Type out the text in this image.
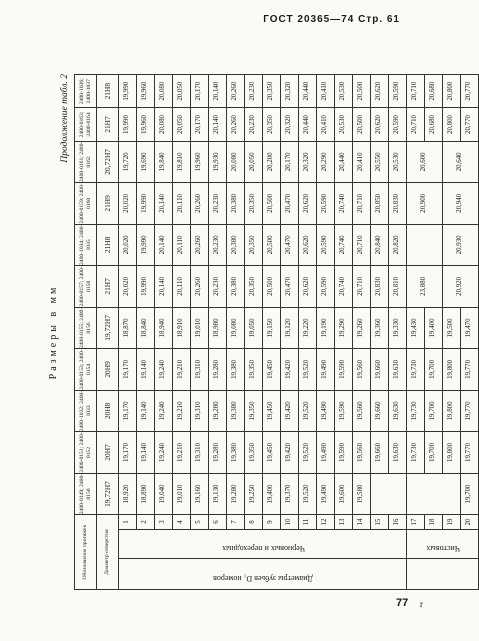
ГОСТ 20365—74 Стр. 61
Размеры в мм
Продолжение табл. 2
Обозначение протяжек		2400-0149; 2400-0150	2400-0151; 2400-0152	2400-1032; 2400-1033	2400-0153; 2400-0154	2400-0155; 2400-0156	2400-0157; 2400-0158	2400-1034; 2400-1035	2400-0159; 2400-0160	2400-0161; 2400-0162	2400-0163; 2400-0164	2400-1036; 2400-1037
Диаметр отверстия		19,72H7	20H7	20H8	20H9	19,72H7	21H7	21H8	21H9	20,72H7	21H7	21H8

Диаметры зубьев D₁ номеров
Черновых и переходных	1	18,920	19,170	19,170	19,170	18,870	20,020	20,020	20,020	19,720	19,990	19,990
	2	18,890	19,140	19,140	19,140	18,840	19,990	19,990	19,990	19,690	19,960	19,960
	3	19,040	19,240	19,240	19,240	18,940	20,140	20,140	20,140	19,840	20,080	20,080
	4	19,010	19,210	19,210	19,210	18,910	20,110	20,110	20,110	19,810	20,050	20,050
	5	19,160	19,310	19,310	19,310	19,010	20,260	20,260	20,260	19,960	20,170	20,170
	6	19,130	19,280	19,280	19,280	18,980	20,230	20,230	20,230	19,930	20,140	20,140
	7	19,280	19,380	19,380	19,380	19,080	20,380	20,380	20,380	20,080	20,260	20,260
	8	19,250	19,350	19,350	19,350	19,050	20,350	20,350	20,350	20,050	20,230	20,230
	9	19,400	19,450	19,450	19,450	19,150	20,500	20,500	20,500	20,200	20,350	20,350
	10	19,370	19,420	19,420	19,420	19,120	20,470	20,470	20,470	20,170	20,320	20,320
	11	19,520	19,520	19,520	19,520	19,220	20,620	20,620	20,620	20,320	20,440	20,440
	12	19,490	19,490	19,490	19,490	19,190	20,590	20,590	20,590	20,290	20,410	20,410
	13	19,600	19,590	19,590	19,590	19,290	20,740	20,740	20,740	20,440	20,530	20,530
	14	19,580	19,560	19,560	19,560	19,260	20,710	20,710	20,710	20,410	20,500	20,500
	15		19,660	19,660	19,660	19,360	20,830	20,840	20,850	20,550	20,620	20,620
	16		19,630	19,630	19,630	19,330	20,810	20,820	20,830	20,530	20,590	20,590

Чистовых	17		19,730	19,730	19,730	19,430	23,880		20,900	20,600	20,710	20,710
	18		19,700	19,700	19,700	19,400					20,680	20,680
	19		19,800	19,800	19,800	19,500	20,920	20,930	20,940	20,640	20,800	20,800
	20	19,700	19,770	19,770	19,770	19,470					20,770	20,770
77 r
